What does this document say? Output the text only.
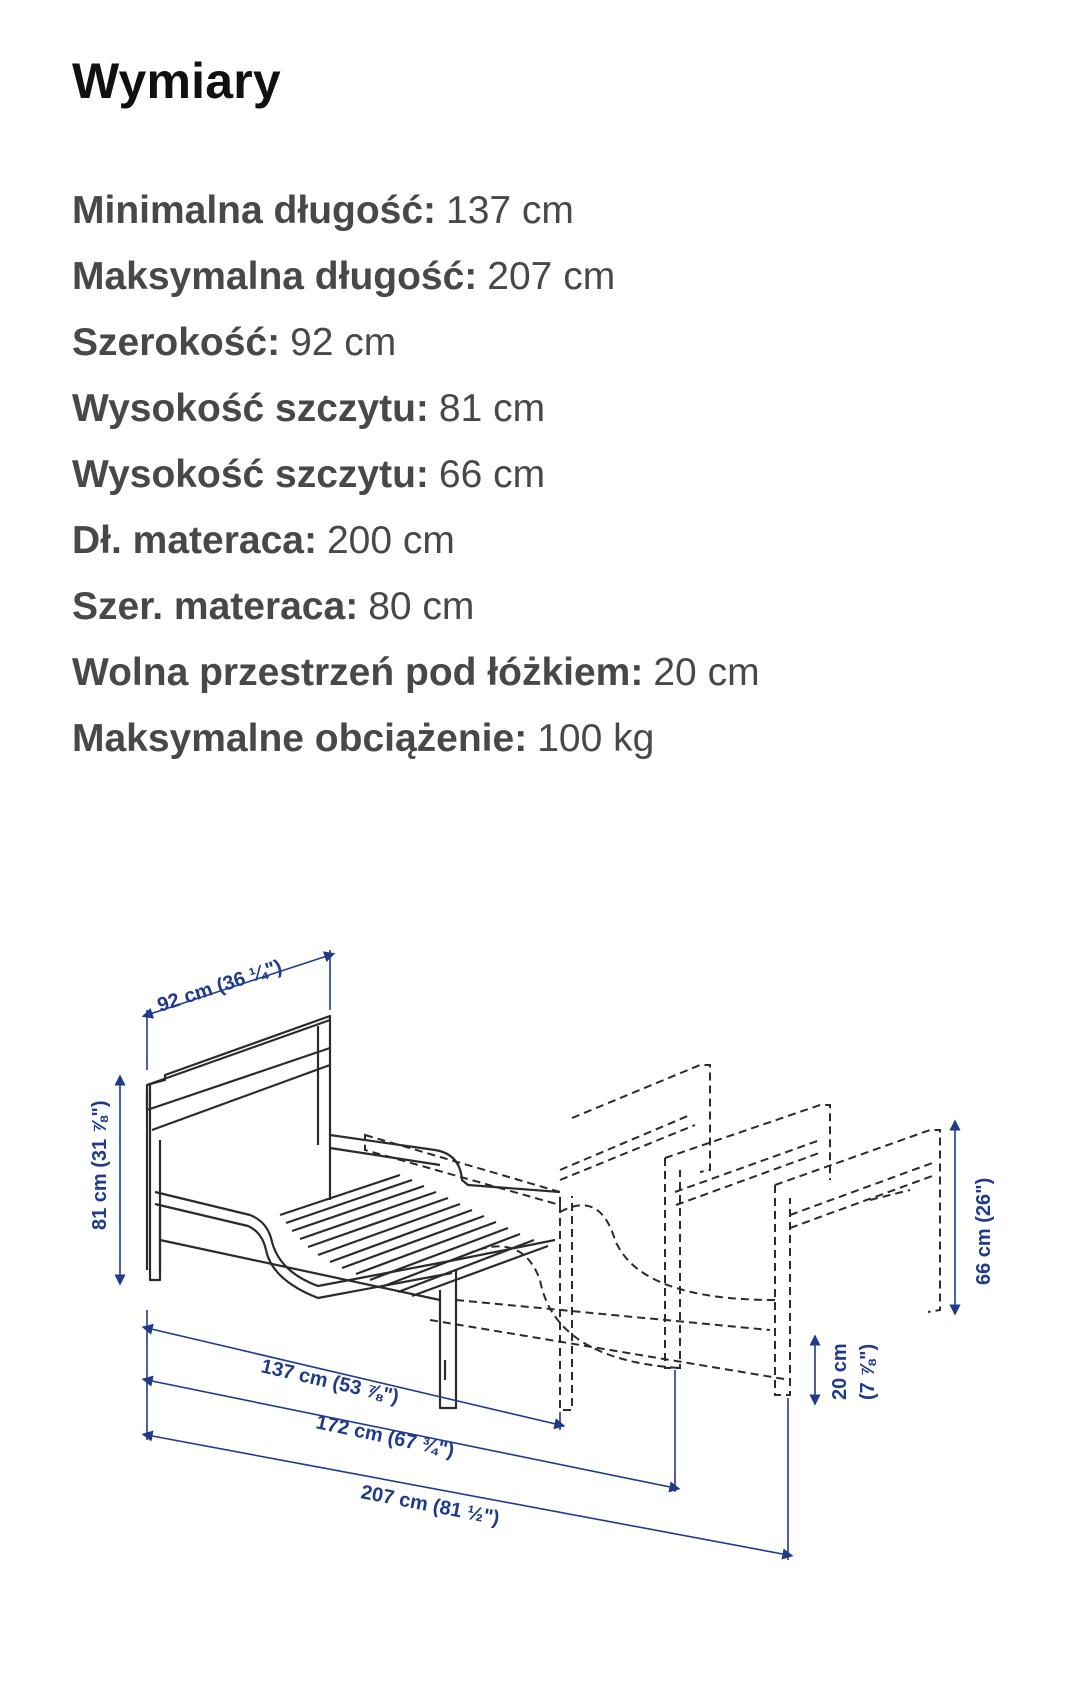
Wymiary
Minimalna długość: 137 cm
Maksymalna długość: 207 cm
Szerokość: 92 cm
Wysokość szczytu: 81 cm
Wysokość szczytu: 66 cm
Dł. materaca: 200 cm
Szer. materaca: 80 cm
Wolna przestrzeń pod łóżkiem: 20 cm
Maksymalne obciążenie: 100 kg
92 cm (36 ¼")
81 cm (31 ⅞")
66 cm (26")
137 cm (53 ⅞")
172 cm (67 ¾")
207 cm (81 ½")
20 cm (7 ⅞")
